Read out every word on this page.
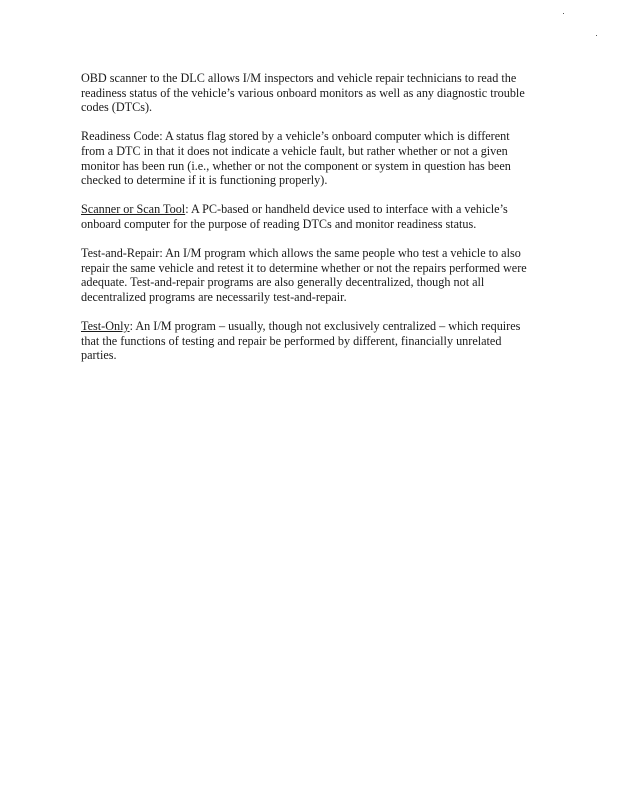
OBD scanner to the DLC allows I/M inspectors and vehicle repair technicians to read the readiness status of the vehicle’s various onboard monitors as well as any diagnostic trouble codes (DTCs).

Readiness Code: A status flag stored by a vehicle’s onboard computer which is different from a DTC in that it does not indicate a vehicle fault, but rather whether or not a given monitor has been run (i.e., whether or not the component or system in question has been checked to determine if it is functioning properly).

Scanner or Scan Tool: A PC-based or handheld device used to interface with a vehicle’s onboard computer for the purpose of reading DTCs and monitor readiness status.

Test-and-Repair: An I/M program which allows the same people who test a vehicle to also repair the same vehicle and retest it to determine whether or not the repairs performed were adequate. Test-and-repair programs are also generally decentralized, though not all decentralized programs are necessarily test-and-repair.

Test-Only: An I/M program – usually, though not exclusively centralized – which requires that the functions of testing and repair be performed by different, financially unrelated parties.
